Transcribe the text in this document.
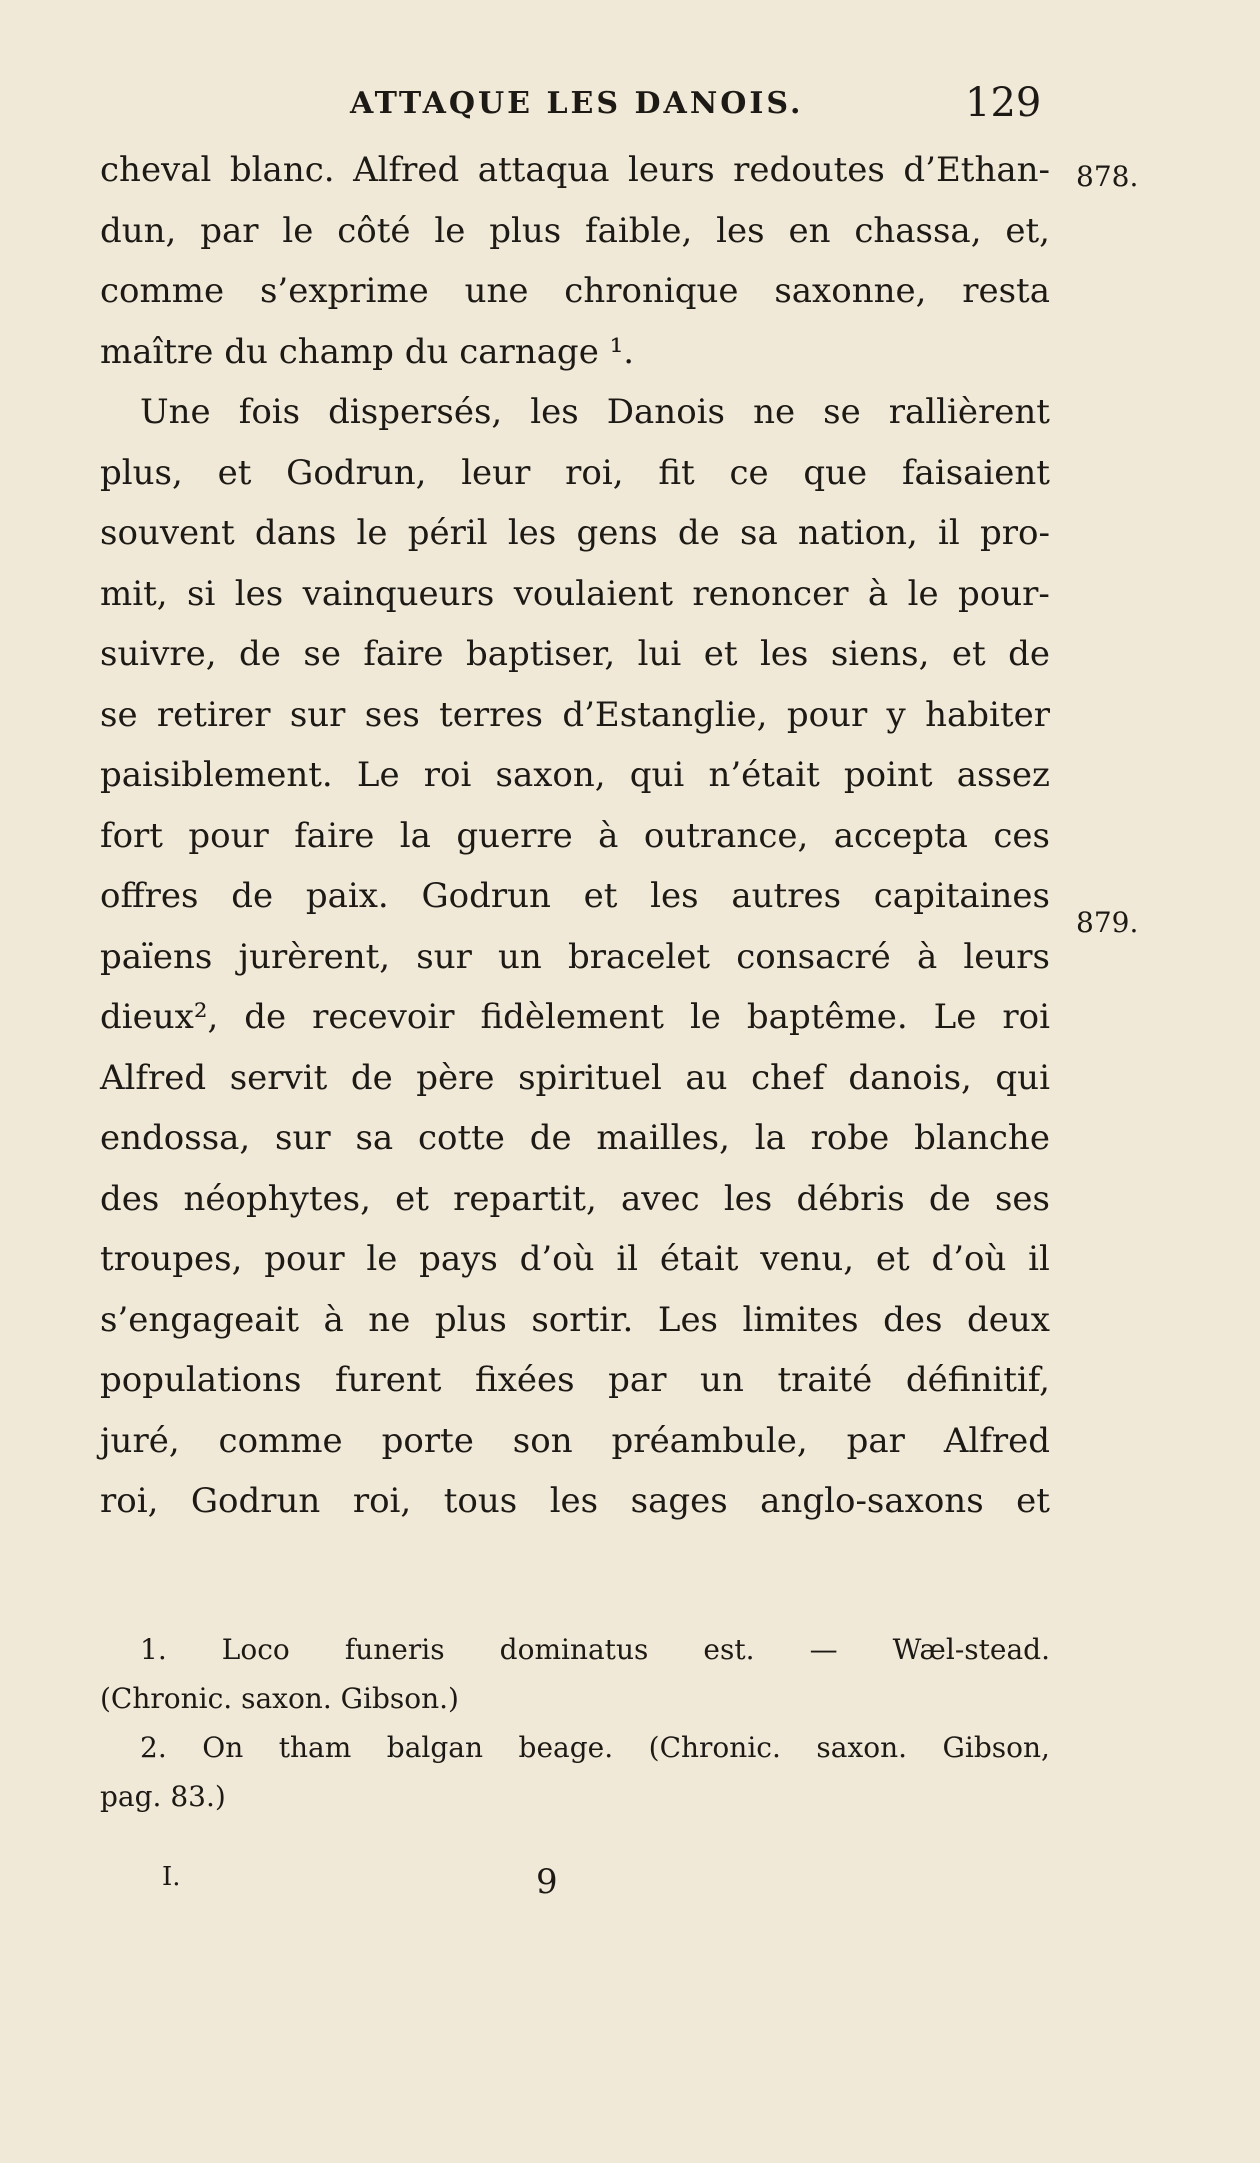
ATTAQUE LES DANOIS.	129
cheval blanc. Alfred attaqua leurs redoutes d’Ethan-
dun, par le côté le plus faible, les en chassa, et,
comme s’exprime une chronique saxonne, resta
maître du champ du carnage ¹.
Une fois dispersés, les Danois ne se rallièrent
plus, et Godrun, leur roi, fit ce que faisaient
souvent dans le péril les gens de sa nation, il pro-
mit, si les vainqueurs voulaient renoncer à le pour-
suivre, de se faire baptiser, lui et les siens, et de
se retirer sur ses terres d’Estanglie, pour y habiter
paisiblement. Le roi saxon, qui n’était point assez
fort pour faire la guerre à outrance, accepta ces
offres de paix. Godrun et les autres capitaines
païens jurèrent, sur un bracelet consacré à leurs
dieux², de recevoir fidèlement le baptême. Le roi
Alfred servit de père spirituel au chef danois, qui
endossa, sur sa cotte de mailles, la robe blanche
des néophytes, et repartit, avec les débris de ses
troupes, pour le pays d’où il était venu, et d’où il
s’engageait à ne plus sortir. Les limites des deux
populations furent fixées par un traité définitif,
juré, comme porte son préambule, par Alfred
roi, Godrun roi, tous les sages anglo-saxons et
878.
879.
1. Loco funeris dominatus est. — Wæl-stead.
(Chronic. saxon. Gibson.)
2. On tham balgan beage. (Chronic. saxon. Gibson,
pag. 83.)
I.	9
